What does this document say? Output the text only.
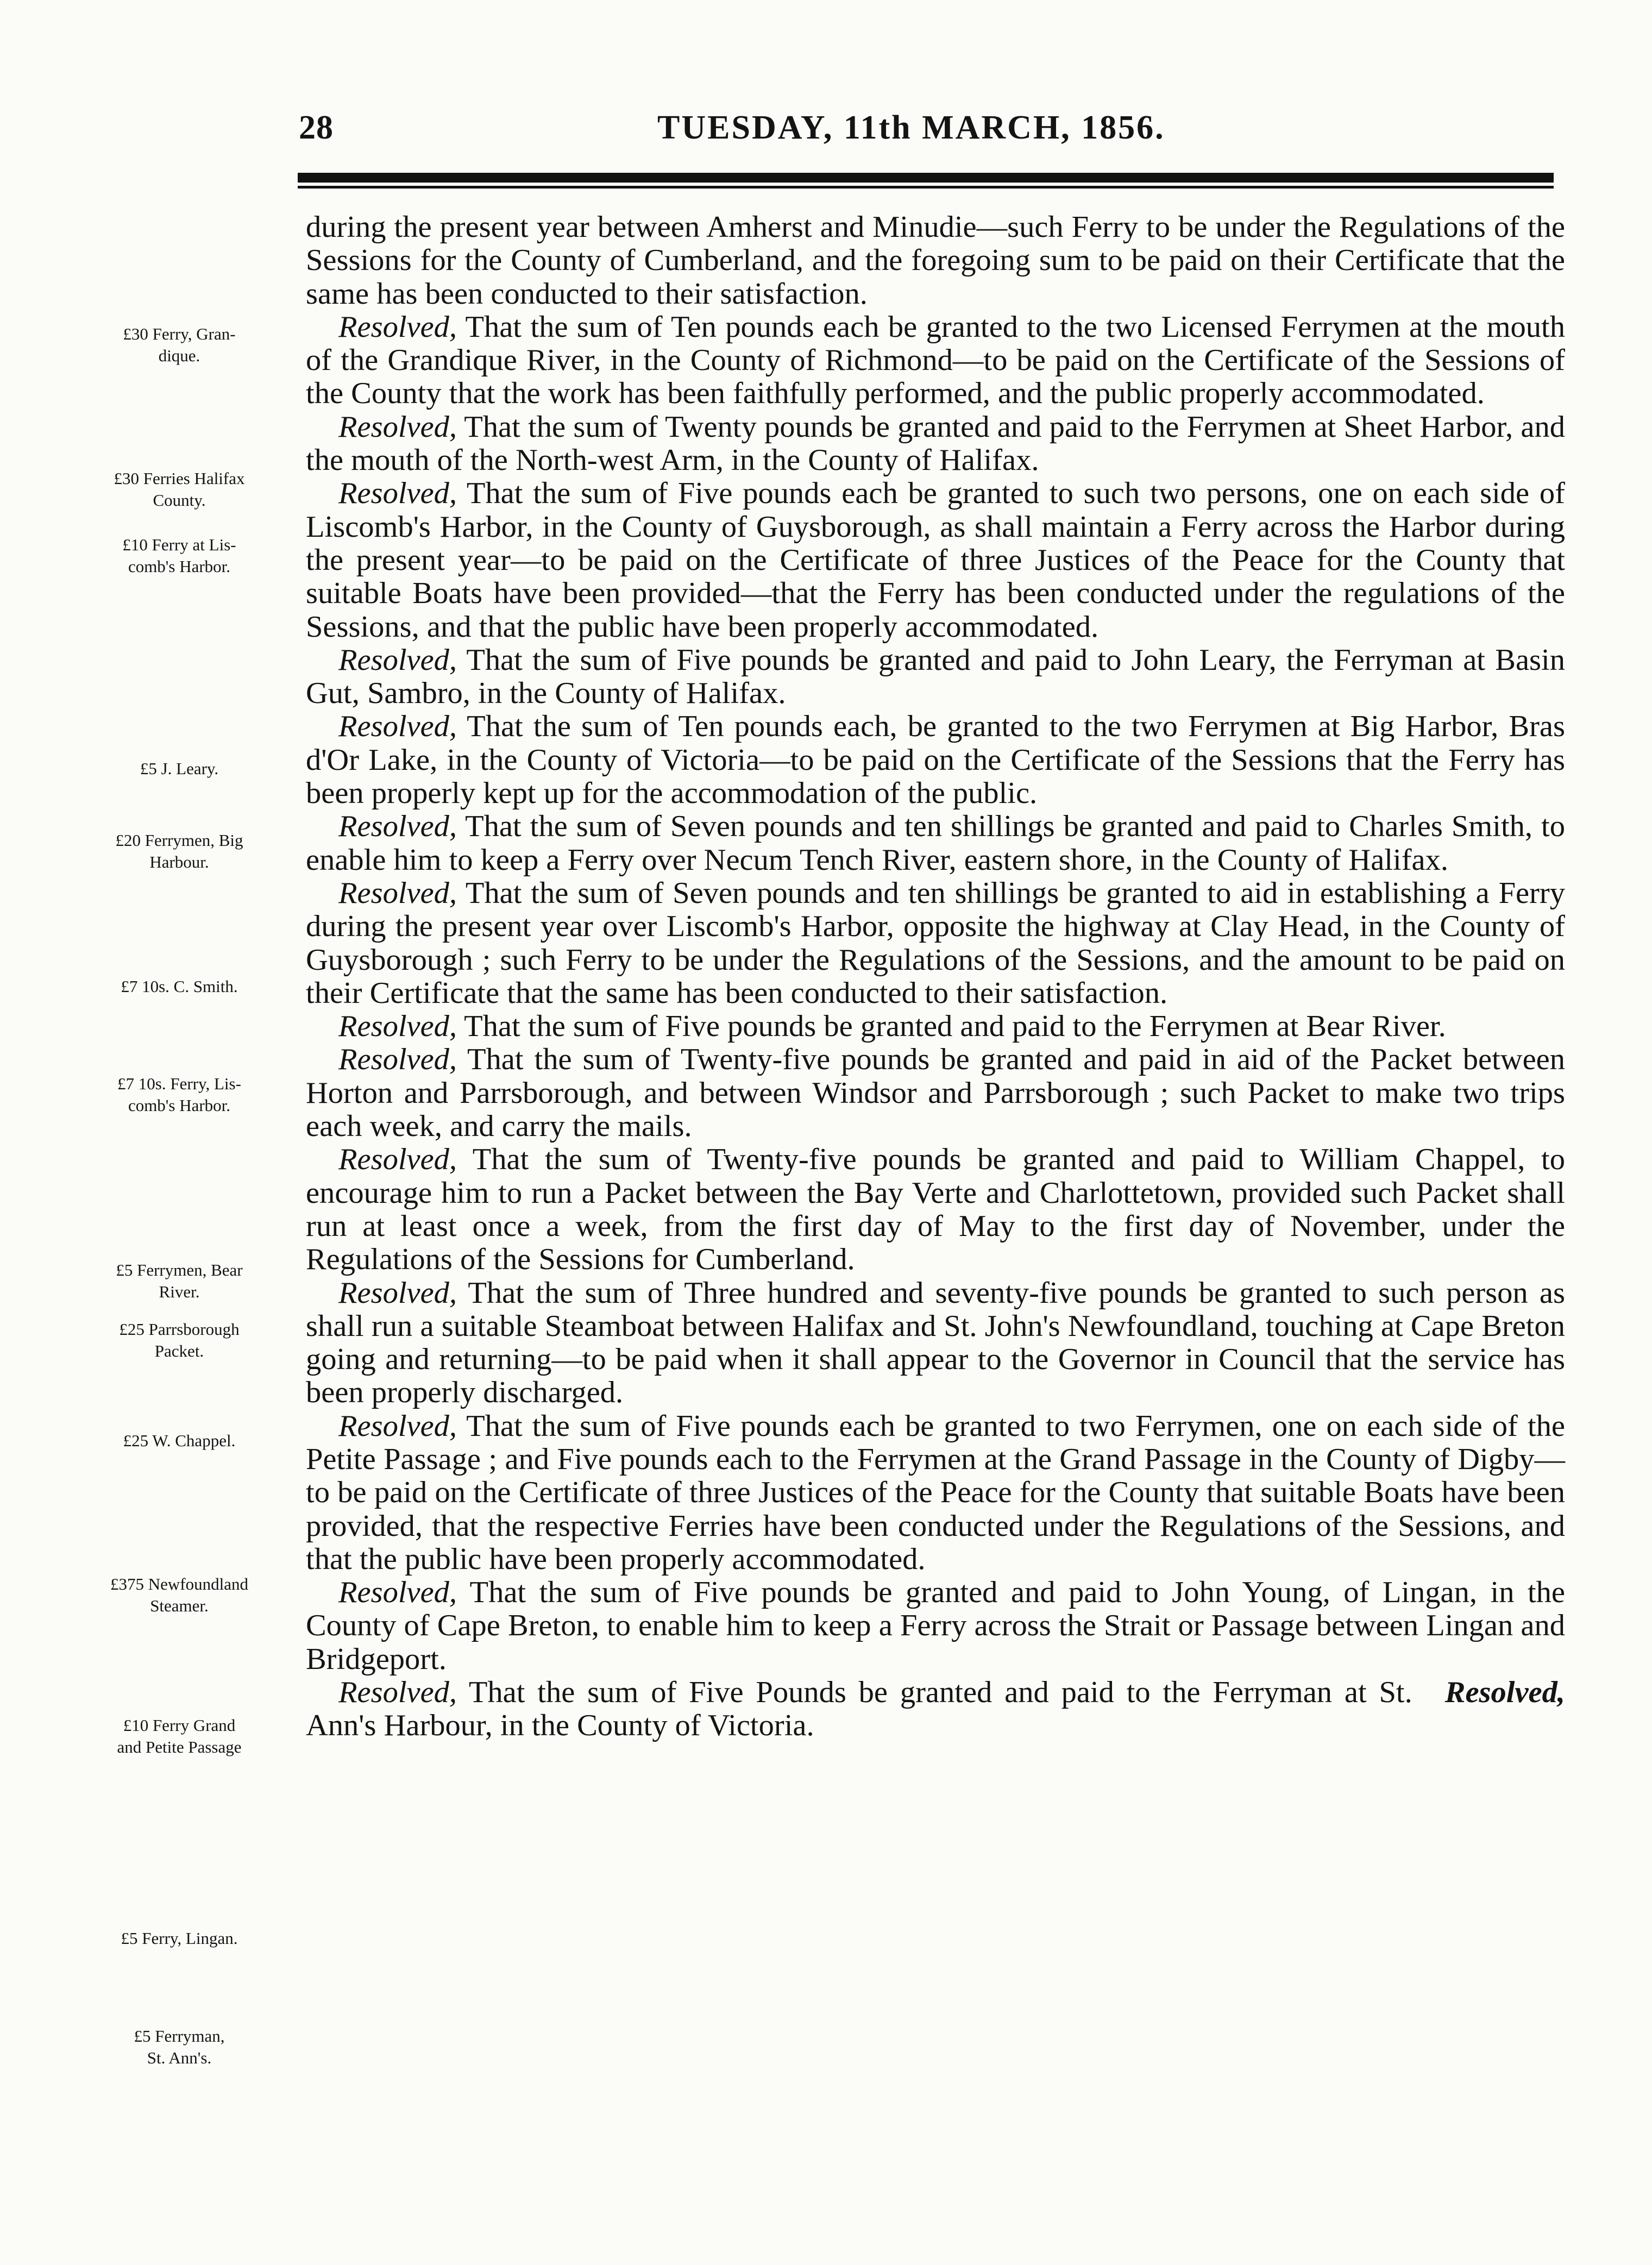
28	TUESDAY, 11th MARCH, 1856.
£30 Ferry, Gran-
dique.
£30 Ferries Halifax
County.
£10 Ferry at Lis-
comb's Harbor.
£5 J. Leary.
£20 Ferrymen, Big
Harbour.
£7 10s. C. Smith.
£7 10s. Ferry, Lis-
comb's Harbor.
£5 Ferrymen, Bear
River.
£25 Parrsborough
Packet.
£25 W. Chappel.
£375 Newfoundland
Steamer.
£10 Ferry Grand
and Petite Passage
£5 Ferry, Lingan.
£5 Ferryman,
St. Ann's.

during the present year between Amherst and Minudie—such Ferry to be under the Regulations of the Sessions for the County of Cumberland, and the foregoing sum to be paid on their Certificate that the same has been conducted to their satisfaction.

Resolved, That the sum of Ten pounds each be granted to the two Licensed Ferrymen at the mouth of the Grandique River, in the County of Richmond—to be paid on the Certificate of the Sessions of the County that the work has been faithfully performed, and the public properly accommodated.

Resolved, That the sum of Twenty pounds be granted and paid to the Ferrymen at Sheet Harbor, and the mouth of the North-west Arm, in the County of Halifax.

Resolved, That the sum of Five pounds each be granted to such two persons, one on each side of Liscomb's Harbor, in the County of Guysborough, as shall maintain a Ferry across the Harbor during the present year—to be paid on the Certificate of three Justices of the Peace for the County that suitable Boats have been provided—that the Ferry has been conducted under the regulations of the Sessions, and that the public have been properly accommodated.

Resolved, That the sum of Five pounds be granted and paid to John Leary, the Ferryman at Basin Gut, Sambro, in the County of Halifax.

Resolved, That the sum of Ten pounds each, be granted to the two Ferrymen at Big Harbor, Bras d'Or Lake, in the County of Victoria—to be paid on the Certificate of the Sessions that the Ferry has been properly kept up for the accommodation of the public.

Resolved, That the sum of Seven pounds and ten shillings be granted and paid to Charles Smith, to enable him to keep a Ferry over Necum Tench River, eastern shore, in the County of Halifax.

Resolved, That the sum of Seven pounds and ten shillings be granted to aid in establishing a Ferry during the present year over Liscomb's Harbor, opposite the highway at Clay Head, in the County of Guysborough ; such Ferry to be under the Regulations of the Sessions, and the amount to be paid on their Certificate that the same has been conducted to their satisfaction.

Resolved, That the sum of Five pounds be granted and paid to the Ferrymen at Bear River.

Resolved, That the sum of Twenty-five pounds be granted and paid in aid of the Packet between Horton and Parrsborough, and between Windsor and Parrsborough ; such Packet to make two trips each week, and carry the mails.

Resolved, That the sum of Twenty-five pounds be granted and paid to William Chappel, to encourage him to run a Packet between the Bay Verte and Charlottetown, provided such Packet shall run at least once a week, from the first day of May to the first day of November, under the Regulations of the Sessions for Cumberland.

Resolved, That the sum of Three hundred and seventy-five pounds be granted to such person as shall run a suitable Steamboat between Halifax and St. John's Newfoundland, touching at Cape Breton going and returning—to be paid when it shall appear to the Governor in Council that the service has been properly discharged.

Resolved, That the sum of Five pounds each be granted to two Ferrymen, one on each side of the Petite Passage ; and Five pounds each to the Ferrymen at the Grand Passage in the County of Digby—to be paid on the Certificate of three Justices of the Peace for the County that suitable Boats have been provided, that the respective Ferries have been conducted under the Regulations of the Sessions, and that the public have been properly accommodated.

Resolved, That the sum of Five pounds be granted and paid to John Young, of Lingan, in the County of Cape Breton, to enable him to keep a Ferry across the Strait or Passage between Lingan and Bridgeport.

Resolved,
Resolved, That the sum of Five Pounds be granted and paid to the Ferryman at St. Ann's Harbour, in the County of Victoria.
